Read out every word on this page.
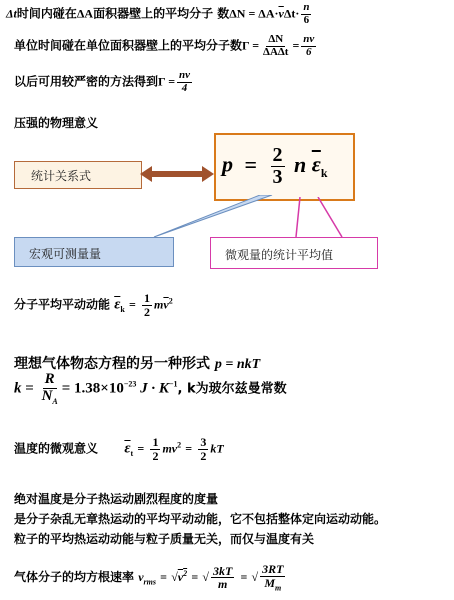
Δt时间内碰在ΔA面积器壁上的平均分子 数$\Delta N = \Delta A\cdot\overline{v}\Delta t\cdot \frac{n}{6}$
单位时间碰在单位面积器壁上的平均分子数$\Gamma = \frac{\Delta N}{\text{ΔAΔt}} = \frac{nv}{6}$
以后可用较严密的方法得到$\Gamma = \frac{nv}{4}$
压强的物理意义
统计关系式	$p = \frac{2}{3}$ n $\overline{\varepsilon}_k$
宏观可测量量	微观量的统计平均值
分子平均平动动能 $\overline{\varepsilon}_k = \frac{1}{2} m\overline{v}^2$
理想气体物态方程的另一种形式 p = nkT
$k = \frac{R}{N_A} = 1.38\times 10^{-23}$ $J \cdot K^{-1}$, k为玻尔兹曼常数
温度的微观意义 $\overline{\varepsilon}_t = \frac{1}{2} mv^2 = \frac{3}{2}$ kT
绝对温度是分子热运动剧烈程度的度量
是分子杂乱无章热运动的平均平动动能，它不包括整体定向运动动能。
粒子的平均热运动动能与粒子质量无关，而仅与温度有关
气体分子的均方根速率 $v_{rms} = √v^2$ = √ $\frac{3kT}{m}$ = √ $\frac{3RT}{M_m}$
